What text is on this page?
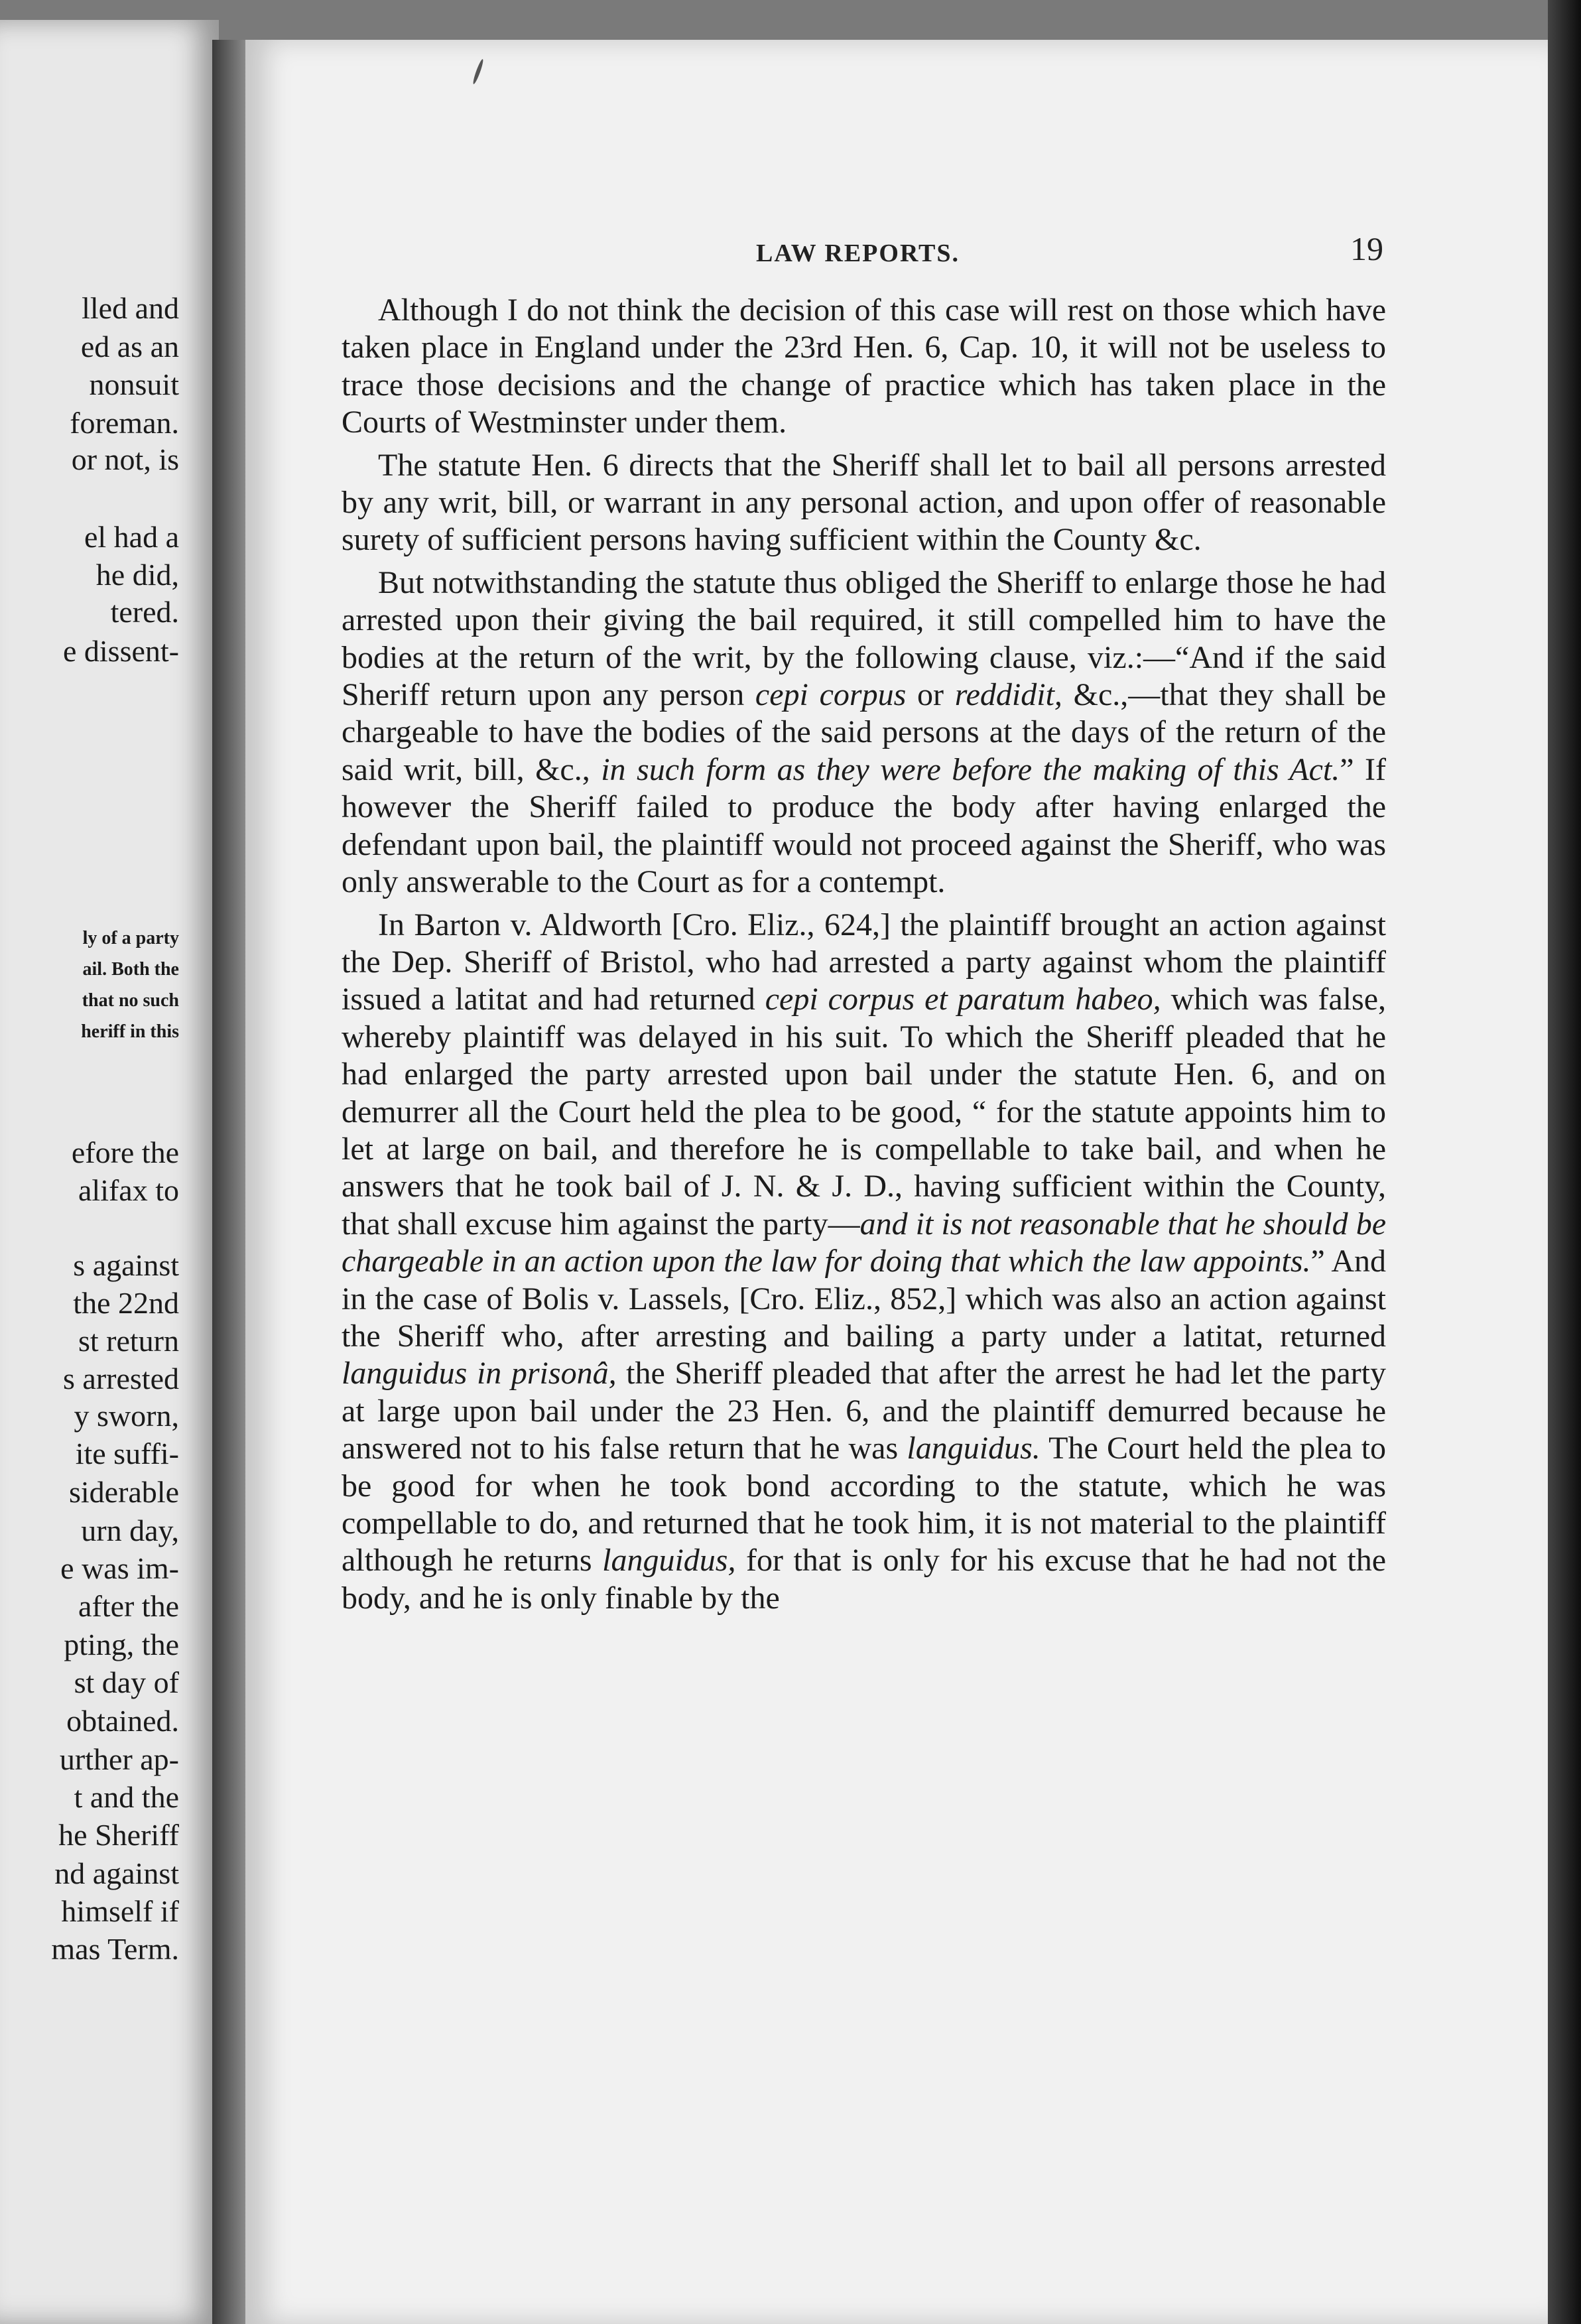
lled and
ed as an
nonsuit
foreman.
or not, is
el had a
he did,
tered.
e dissent-
efore the
alifax to
s against
the 22nd
st return
s arrested
y sworn,
ite suffi-
siderable
urn day,
e was im-
after the
pting, the
st day of
obtained.
urther ap-
t and the
he Sheriff
nd against
himself if
mas Term.
ly of a party
ail. Both the
that no such
heriff in this
LAW REPORTS.	19

Although I do not think the decision of this case will rest on those which have taken place in England under the 23rd Hen. 6, Cap. 10, it will not be useless to trace those decisions and the change of practice which has taken place in the Courts of Westminster under them.

The statute Hen. 6 directs that the Sheriff shall let to bail all persons arrested by any writ, bill, or warrant in any personal action, and upon offer of reasonable surety of sufficient persons having sufficient within the County &c.

But notwithstanding the statute thus obliged the Sheriff to enlarge those he had arrested upon their giving the bail required, it still compelled him to have the bodies at the return of the writ, by the following clause, viz.:—“And if the said Sheriff return upon any person cepi corpus or reddidit, &c.,—that they shall be chargeable to have the bodies of the said persons at the days of the return of the said writ, bill, &c., in such form as they were before the making of this Act.” If however the Sheriff failed to produce the body after having enlarged the defendant upon bail, the plaintiff would not proceed against the Sheriff, who was only answerable to the Court as for a contempt.

In Barton v. Aldworth [Cro. Eliz., 624,] the plaintiff brought an action against the Dep. Sheriff of Bristol, who had arrested a party against whom the plaintiff issued a latitat and had returned cepi corpus et paratum habeo, which was false, whereby plaintiff was delayed in his suit. To which the Sheriff pleaded that he had enlarged the party arrested upon bail under the statute Hen. 6, and on demurrer all the Court held the plea to be good, “ for the statute appoints him to let at large on bail, and therefore he is compellable to take bail, and when he answers that he took bail of J. N. & J. D., having sufficient within the County, that shall excuse him against the party—and it is not reasonable that he should be chargeable in an action upon the law for doing that which the law appoints.” And in the case of Bolis v. Lassels, [Cro. Eliz., 852,] which was also an action against the Sheriff who, after arresting and bailing a party under a latitat, returned languidus in prisonâ, the Sheriff pleaded that after the arrest he had let the party at large upon bail under the 23 Hen. 6, and the plaintiff demurred because he answered not to his false return that he was languidus. The Court held the plea to be good for when he took bond according to the statute, which he was compellable to do, and returned that he took him, it is not material to the plaintiff although he returns languidus, for that is only for his excuse that he had not the body, and he is only finable by the
